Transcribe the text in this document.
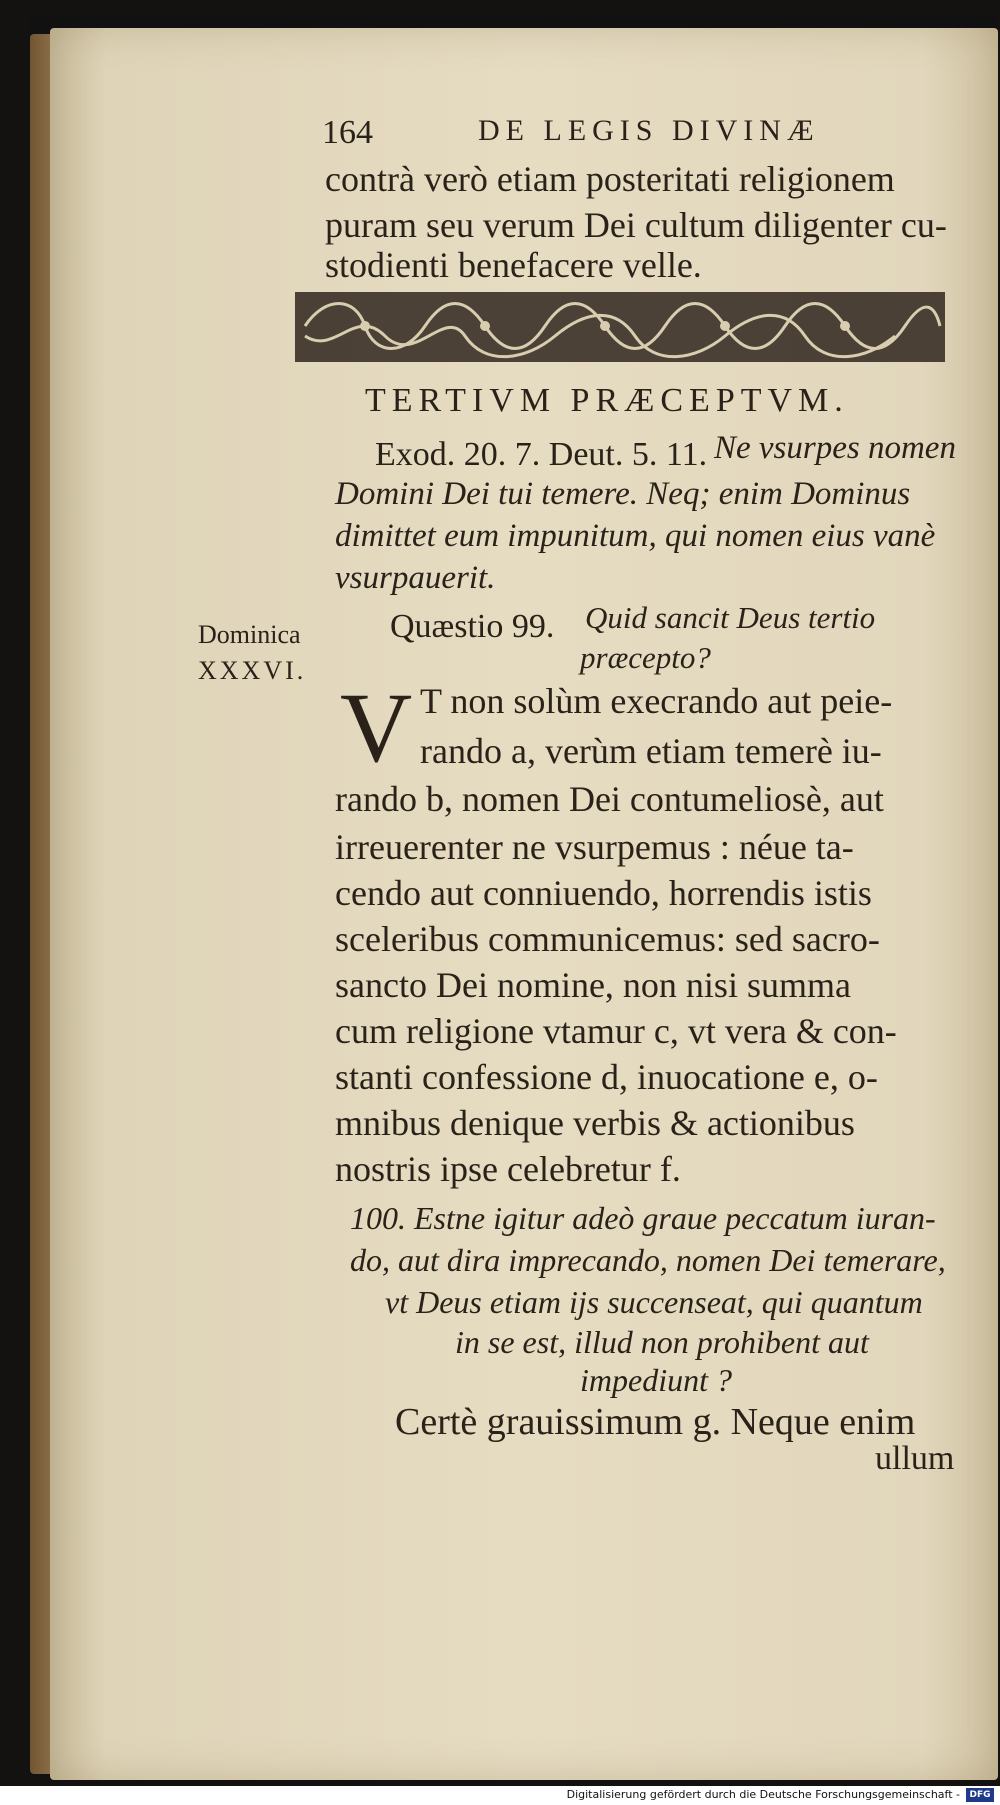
164	DE LEGIS DIVINÆ
contrà verò etiam posteritati religionem
puram seu verum Dei cultum diligenter cu-
stodienti benefacere velle.
TERTIVM PRÆCEPTVM.
Exod. 20. 7. Deut. 5. 11. Ne vsurpes nomen
Domini Dei tui temere. Neq; enim Dominus
dimittet eum impunitum, qui nomen eius vanè
vsurpauerit.
Dominica
XXXVI.
Quæstio 99. Quid sancit Deus tertio
præcepto?
V T non solùm execrando aut peie-
rando a, verùm etiam temerè iu-
rando b, nomen Dei contumeliosè, aut
irreuerenter ne vsurpemus : néue ta-
cendo aut conniuendo, horrendis istis
sceleribus communicemus: sed sacro-
sancto Dei nomine, non nisi summa
cum religione vtamur c, vt vera & con-
stanti confessione d, inuocatione e, o-
mnibus denique verbis & actionibus
nostris ipse celebretur f.
100. Estne igitur adeò graue peccatum iuran-
do, aut dira imprecando, nomen Dei temerare,
vt Deus etiam ijs succenseat, qui quantum
in se est, illud non prohibent aut
impediunt ?
Certè grauissimum g. Neque enim
ullum
Digitalisierung gefördert durch die Deutsche Forschungsgemeinschaft -	DFG
